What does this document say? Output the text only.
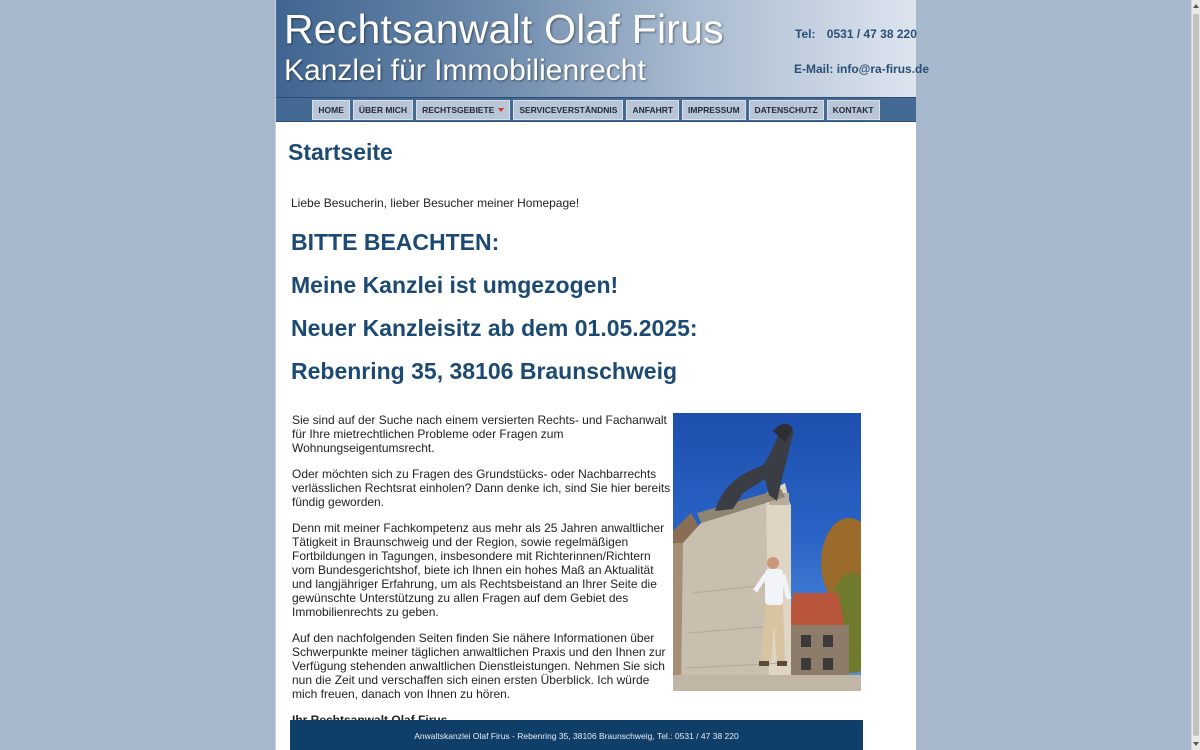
Rechtsanwalt Olaf Firus
Kanzlei für Immobilienrecht
Tel: 0531 / 47 38 220
E-Mail: info@ra-firus.de
HOME ÜBER MICH RECHTSGEBIETE	SERVICEVERSTÄNDNIS ANFAHRT IMPRESSUM DATENSCHUTZ KONTAKT
Startseite
Liebe Besucherin, lieber Besucher meiner Homepage!
BITTE BEACHTEN:
Meine Kanzlei ist umgezogen!
Neuer Kanzleisitz ab dem 01.05.2025:
Rebenring 35, 38106 Braunschweig

Sie sind auf der Suche nach einem versierten Rechts- und Fachanwalt für Ihre mietrechtlichen Probleme oder Fragen zum Wohnungseigentumsrecht.

Oder möchten sich zu Fragen des Grundstücks- oder Nachbarrechts verlässlichen Rechtsrat einholen? Dann denke ich, sind Sie hier bereits fündig geworden.

Denn mit meiner Fachkompetenz aus mehr als 25 Jahren anwaltlicher Tätigkeit in Braunschweig und der Region, sowie regelmäßigen Fortbildungen in Tagungen, insbesondere mit Richterinnen/Richtern vom Bundesgerichtshof, biete ich Ihnen ein hohes Maß an Aktualität und langjähriger Erfahrung, um als Rechtsbeistand an Ihrer Seite die gewünschte Unterstützung zu allen Fragen auf dem Gebiet des Immobilienrechts zu geben.

Auf den nachfolgenden Seiten finden Sie nähere Informationen über Schwerpunkte meiner täglichen anwaltlichen Praxis und den Ihnen zur Verfügung stehenden anwaltlichen Dienstleistungen. Nehmen Sie sich nun die Zeit und verschaffen sich einen ersten Überblick. Ich würde mich freuen, danach von Ihnen zu hören.

Anwaltskanzlei Olaf Firus - Rebenring 35, 38106 Braunschweig, Tel.: 0531 / 47 38 220
